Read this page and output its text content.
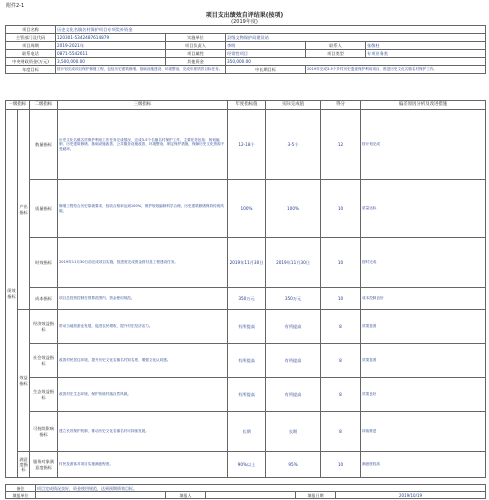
附件2-1
项目支出绩效自评结果(按项)
(2019年度)
项目名称	历史文化名镇名村保护项目专项奖补资金				
主管部门及代码	120301-5342487614879	实施单位	县级文物保护局建设站		
项目周期	2019-2021年	项目负责人	李明	联系人	张敬柱
联系电话	0871-5542611	项目属性	经常性项目	项目类型	专项业务类
中央财政资金(万元)	3,500,000.00	其他资金	350,000.00		
年度目标	按计划完成项目保护修缮工程，包括历史建筑修缮、基础设施建设、环境整治，完成年度绩效目标任务。		中长期目标	2019年完成3-5个乡村历史遗迹保护利用项目，推进历史文化名镇名村保护工作。	
一级指标		二级指标	三级指标	年度指标值	实际完成值	得分	偏差原因分析及改进措施
绩效指标	产出指标	数量指标	历史文化名镇名村保护利用工作任务完成情况，完成3-5个名镇名村保护工作，主要任务包括：规划编制、历史建筑修缮、基础设施改善、公共服务设施改善、环境整治，制定保护措施，保障历史文化资源不受破坏。	12-18个	3-5个	12	按计划完成
		质量指标	修缮工程符合历史原貌要求，验收合格率达到100%，保护规划编制科学合理，历史建筑修缮保持传统风貌。	100%	100%	10	质量达标
		时效指标	2019年11月30日前完成项目实施，按进度完成资金拨付及工程建设任务。	2019年11月30日	2019年11月30日	10	按时完成
		成本指标	项目总投资控制在预算范围内，资金使用规范。	350万元	350万元	10	成本控制良好
	效益指标	经济效益指标	带动当地旅游业发展，促进农民增收，提升村庄经济活力。	有所提高	有所提高	8	效果显著
		社会效益指标	改善村民居住环境，提升历史文化名镇名村知名度，增强文化认同感。	有所提高	有所提高	8	效果显著
		生态效益指标	改善村庄生态环境，保护传统村落自然风貌。	有所提高	有所提高	8	效果良好
		可持续影响指标	建立长效保护机制，推动历史文化名镇名村可持续发展。	长期	长期	8	持续推进
	满意度指标	服务对象满意度指标	村民及游客对项目实施满意程度。	90%以上	95%	10	满意度较高
备注	项目完成情况良好，资金使用规范，达到预期绩效目标。				
填报单位		填报人		填报日期	2019/10/19
